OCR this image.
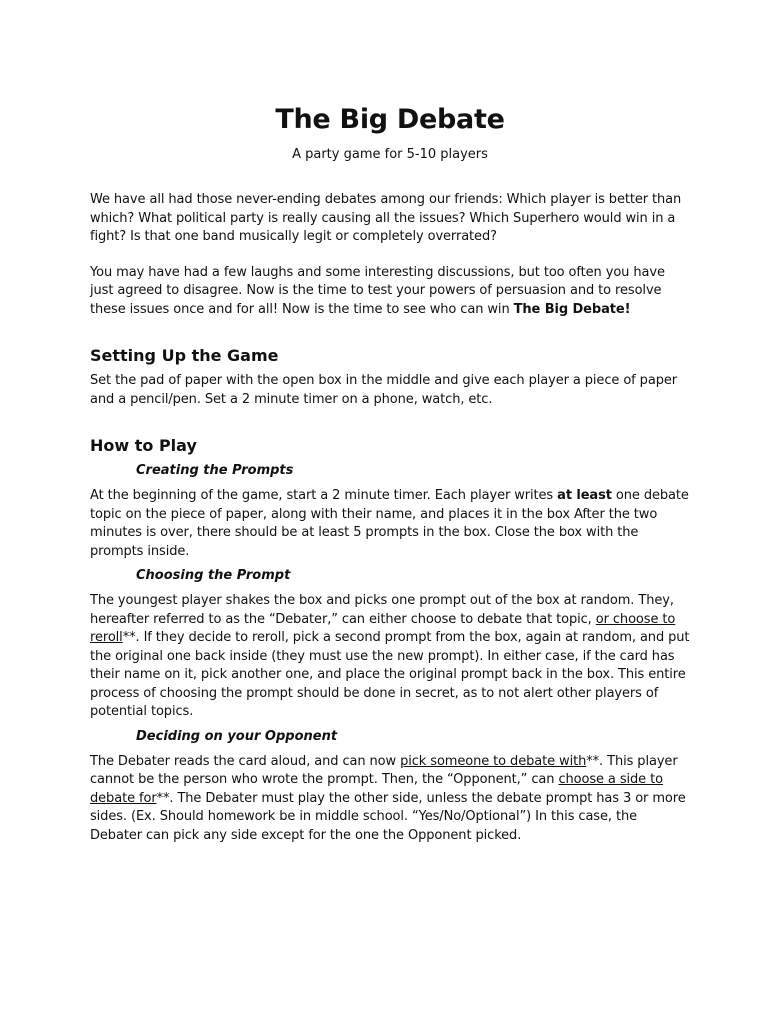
The Big Debate

A party game for 5-10 players

We have all had those never-ending debates among our friends: Which player is better than which? What political party is really causing all the issues? Which Superhero would win in a fight? Is that one band musically legit or completely overrated?

You may have had a few laughs and some interesting discussions, but too often you have just agreed to disagree. Now is the time to test your powers of persuasion and to resolve these issues once and for all! Now is the time to see who can win The Big Debate!

Setting Up the Game

Set the pad of paper with the open box in the middle and give each player a piece of paper and a pencil/pen. Set a 2 minute timer on a phone, watch, etc.

How to Play
Creating the Prompts

At the beginning of the game, start a 2 minute timer. Each player writes at least one debate topic on the piece of paper, along with their name, and places it in the box After the two minutes is over, there should be at least 5 prompts in the box. Close the box with the prompts inside.

Choosing the Prompt

The youngest player shakes the box and picks one prompt out of the box at random. They, hereafter referred to as the “Debater,” can either choose to debate that topic, or choose to reroll**. If they decide to reroll, pick a second prompt from the box, again at random, and put the original one back inside (they must use the new prompt). In either case, if the card has their name on it, pick another one, and place the original prompt back in the box. This entire process of choosing the prompt should be done in secret, as to not alert other players of potential topics.

Deciding on your Opponent

The Debater reads the card aloud, and can now pick someone to debate with**. This player cannot be the person who wrote the prompt. Then, the “Opponent,” can choose a side to debate for**. The Debater must play the other side, unless the debate prompt has 3 or more sides. (Ex. Should homework be in middle school. “Yes/No/Optional”) In this case, the Debater can pick any side except for the one the Opponent picked.
